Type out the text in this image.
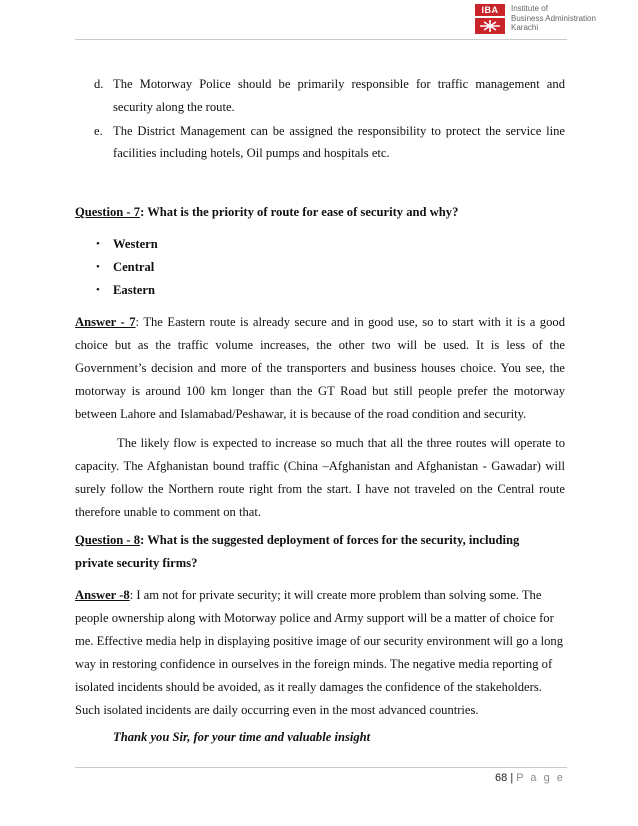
IBA	Institute of
Business Administration
Karachi
d. The Motorway Police should be primarily responsible for traffic management and
security along the route.
e. The District Management can be assigned the responsibility to protect the service line
facilities including hotels, Oil pumps and hospitals etc.
Question - 7: What is the priority of route for ease of security and why?
• Western
• Central
• Eastern
Answer - 7: The Eastern route is already secure and in good use, so to start with it is a good
choice but as the traffic volume increases, the other two will be used. It is less of the
Government’s decision and more of the transporters and business houses choice. You see, the
motorway is around 100 km longer than the GT Road but still people prefer the motorway
between Lahore and Islamabad/Peshawar, it is because of the road condition and security.
The likely flow is expected to increase so much that all the three routes will operate to
capacity. The Afghanistan bound traffic (China –Afghanistan and Afghanistan - Gawadar) will
surely follow the Northern route right from the start. I have not traveled on the Central route
therefore unable to comment on that.
Question - 8: What is the suggested deployment of forces for the security, including
private security firms?
Answer -8: I am not for private security; it will create more problem than solving some. The
people ownership along with Motorway police and Army support will be a matter of choice for
me. Effective media help in displaying positive image of our security environment will go a long
way in restoring confidence in ourselves in the foreign minds. The negative media reporting of
isolated incidents should be avoided, as it really damages the confidence of the stakeholders.
Such isolated incidents are daily occurring even in the most advanced countries.
Thank you Sir, for your time and valuable insight
68 | P a g e
